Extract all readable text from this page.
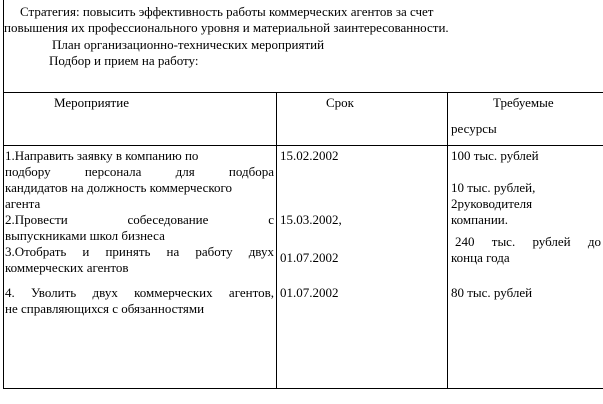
Стратегия: повысить эффективность работы коммерческих агентов за счет
повышения их профессионального уровня и материальной заинтересованности.
План организационно-технических мероприятий
Подбор и прием на работу:
Мероприятие	Срок	Требуемые
ресурсы
1.Направить заявку в компанию по
подбору персонала для подбора
кандидатов на должность коммерческого
агента
2.Провести собеседование с
выпускниками школ бизнеса
3.Отобрать и принять на работу двух
коммерческих агентов
4. Уволить двух коммерческих агентов,
не справляющихся с обязанностями
15.02.2002
15.03.2002,
01.07.2002
01.07.2002
100 тыс. рублей
10 тыс. рублей,
2руководителя
компании.
240 тыс. рублей до
конца года
80 тыс. рублей
